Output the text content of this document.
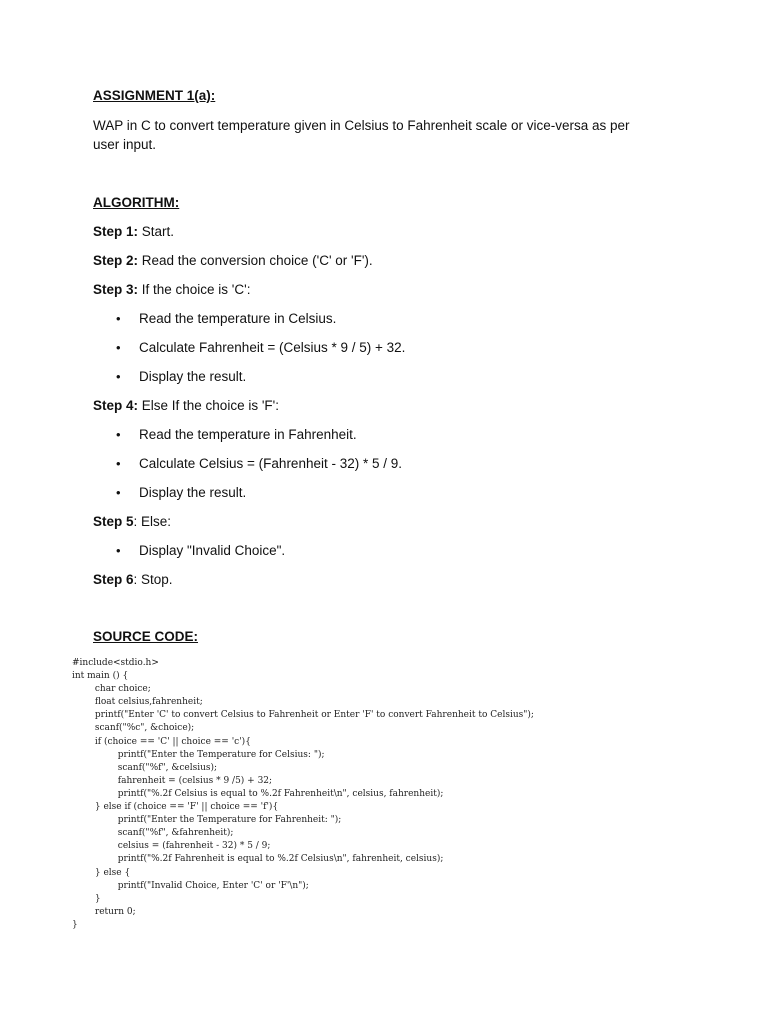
ASSIGNMENT 1(a):
WAP in C to convert temperature given in Celsius to Fahrenheit scale or vice-versa as per
user input.
ALGORITHM:
Step 1: Start.
Step 2: Read the conversion choice ('C' or 'F').
Step 3: If the choice is 'C':
• Read the temperature in Celsius.
• Calculate Fahrenheit = (Celsius * 9 / 5) + 32.
• Display the result.
Step 4: Else If the choice is 'F':
• Read the temperature in Fahrenheit.
• Calculate Celsius = (Fahrenheit - 32) * 5 / 9.
• Display the result.
Step 5: Else:
• Display "Invalid Choice".
Step 6: Stop.
SOURCE CODE:
#include<stdio.h>
int main () {
char choice;
float celsius,fahrenheit;
printf("Enter 'C' to convert Celsius to Fahrenheit or Enter 'F' to convert Fahrenheit to Celsius");
scanf("%c", &choice);
if (choice == 'C' || choice == 'c'){
printf("Enter the Temperature for Celsius: ");
scanf("%f", &celsius);
fahrenheit = (celsius * 9 /5) + 32;
printf("%.2f Celsius is equal to %.2f Fahrenheit\n", celsius, fahrenheit);
} else if (choice == 'F' || choice == 'f'){
printf("Enter the Temperature for Fahrenheit: ");
scanf("%f", &fahrenheit);
celsius = (fahrenheit - 32) * 5 / 9;
printf("%.2f Fahrenheit is equal to %.2f Celsius\n", fahrenheit, celsius);
} else {
printf("Invalid Choice, Enter 'C' or 'F'\n");
}
return 0;
}
